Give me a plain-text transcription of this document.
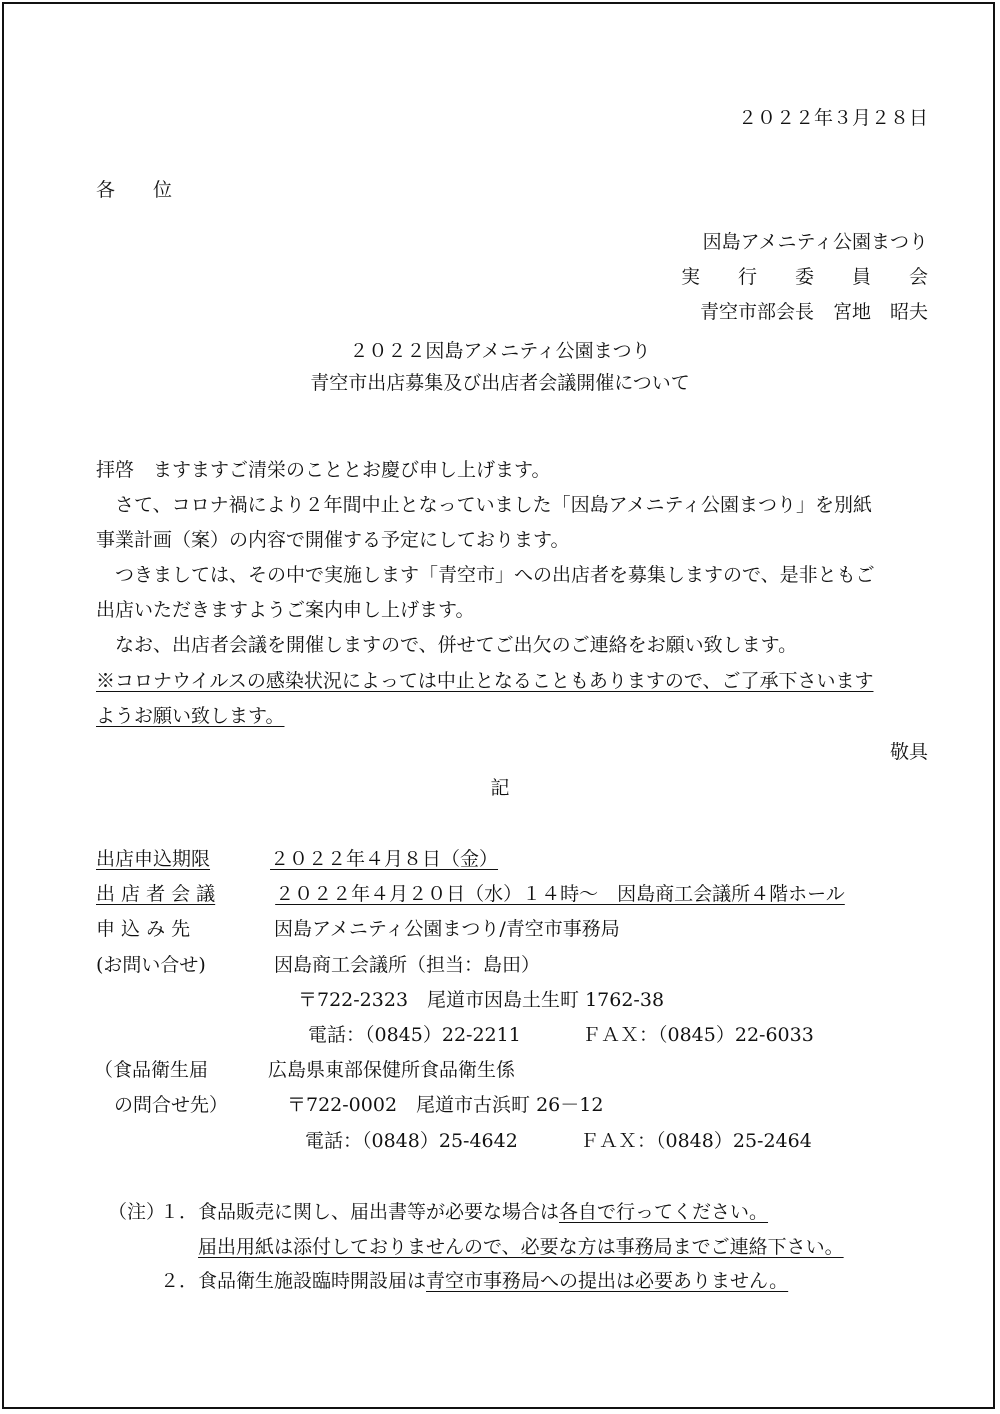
２０２２年３月２８日
各　　位
因島アメニティ公園まつり
実　　行　　委　　員　　会
青空市部会長　宮地　昭夫
２０２２因島アメニティ公園まつり
青空市出店募集及び出店者会議開催について
拝啓　ますますご清栄のこととお慶び申し上げます。
さて、コロナ禍により２年間中止となっていました「因島アメニティ公園まつり」を別紙
事業計画（案）の内容で開催する予定にしております。
つきましては、その中で実施します「青空市」への出店者を募集しますので、是非ともご
出店いただきますようご案内申し上げます。
なお、出店者会議を開催しますので、併せてご出欠のご連絡をお願い致します。
※コロナウイルスの感染状況によっては中止となることもありますので、ご了承下さいます
ようお願い致します。
敬具
記
出店申込期限	２０２２年４月８日（金）
出 店 者 会 議	２０２２年４月２０日（水）１４時～　因島商工会議所４階ホール
申 込 み 先	因島アメニティ公園まつり/青空市事務局
(お問い合せ)	因島商工会議所（担当：島田）
〒722-2323　尾道市因島土生町 1762-38
電話：（0845）22-2211	ＦＡＸ：（0845）22-6033
（食品衛生届	広島県東部保健所食品衛生係
の問合せ先）	〒722-0002　尾道市古浜町 26－12
電話：（0848）25-4642	ＦＡＸ：（0848）25-2464
（注）
１． 食品販売に関し、届出書等が必要な場合は各自で行ってください。
届出用紙は添付しておりませんので、必要な方は事務局までご連絡下さい。
２． 食品衛生施設臨時開設届は青空市事務局への提出は必要ありません。
